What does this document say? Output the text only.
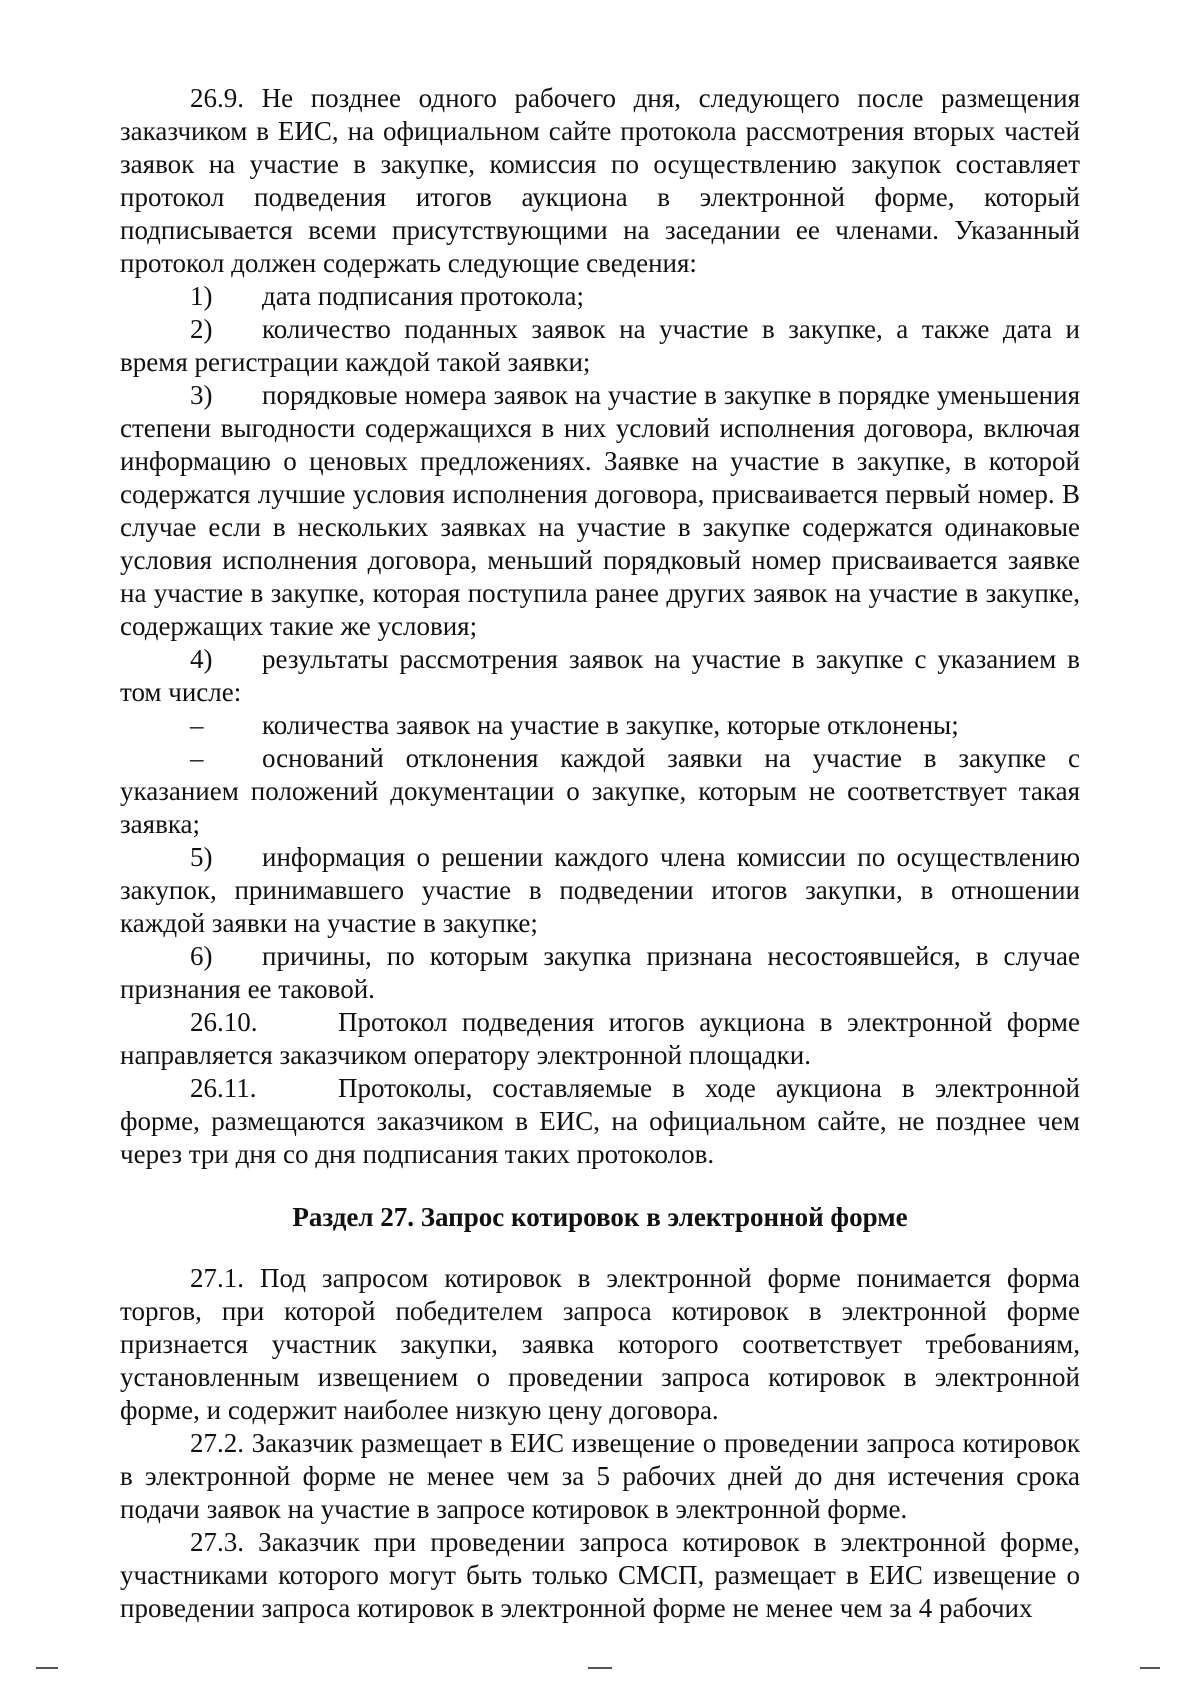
26.9. Не позднее одного рабочего дня, следующего после размещения заказчиком в ЕИС, на официальном сайте протокола рассмотрения вторых частей заявок на участие в закупке, комиссия по осуществлению закупок составляет протокол подведения итогов аукциона в электронной форме, который подписывается всеми присутствующими на заседании ее членами. Указанный протокол должен содержать следующие сведения:

1) дата подписания протокола;

2) количество поданных заявок на участие в закупке, а также дата и время регистрации каждой такой заявки;

3) порядковые номера заявок на участие в закупке в порядке уменьшения степени выгодности содержащихся в них условий исполнения договора, включая информацию о ценовых предложениях. Заявке на участие в закупке, в которой содержатся лучшие условия исполнения договора, присваивается первый номер. В случае если в нескольких заявках на участие в закупке содержатся одинаковые условия исполнения договора, меньший порядковый номер присваивается заявке на участие в закупке, которая поступила ранее других заявок на участие в закупке, содержащих такие же условия;

4) результаты рассмотрения заявок на участие в закупке с указанием в том числе:

– количества заявок на участие в закупке, которые отклонены;

– оснований отклонения каждой заявки на участие в закупке с указанием положений документации о закупке, которым не соответствует такая заявка;

5) информация о решении каждого члена комиссии по осуществлению закупок, принимавшего участие в подведении итогов закупки, в отношении каждой заявки на участие в закупке;

6) причины, по которым закупка признана несостоявшейся, в случае признания ее таковой.

26.10.	Протокол подведения итогов аукциона в электронной форме направляется заказчиком оператору электронной площадки.

26.11.	Протоколы, составляемые в ходе аукциона в электронной форме, размещаются заказчиком в ЕИС, на официальном сайте, не позднее чем через три дня со дня подписания таких протоколов.

Раздел 27. Запрос котировок в электронной форме

27.1. Под запросом котировок в электронной форме понимается форма торгов, при которой победителем запроса котировок в электронной форме признается участник закупки, заявка которого соответствует требованиям, установленным извещением о проведении запроса котировок в электронной форме, и содержит наиболее низкую цену договора.

27.2. Заказчик размещает в ЕИС извещение о проведении запроса котировок в электронной форме не менее чем за 5 рабочих дней до дня истечения срока подачи заявок на участие в запросе котировок в электронной форме.

27.3. Заказчик при проведении запроса котировок в электронной форме, участниками которого могут быть только СМСП, размещает в ЕИС извещение о проведении запроса котировок в электронной форме не менее чем за 4 рабочих
